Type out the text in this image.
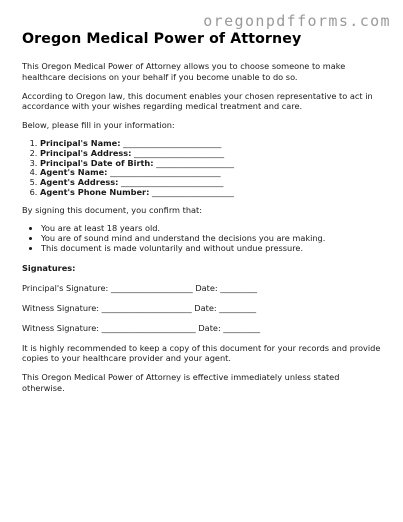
oregonpdfforms.com
Oregon Medical Power of Attorney

This Oregon Medical Power of Attorney allows you to choose someone to make healthcare decisions on your behalf if you become unable to do so.

According to Oregon law, this document enables your chosen representative to act in accordance with your wishes regarding medical treatment and care.

Below, please fill in your information:

1. Principal's Name: ________________________
2. Principal's Address: ______________________
3. Principal's Date of Birth: ___________________
4. Agent's Name: ___________________________
5. Agent's Address: _________________________
6. Agent's Phone Number: ____________________

By signing this document, you confirm that:

• You are at least 18 years old.
• You are of sound mind and understand the decisions you are making.
• This document is made voluntarily and without undue pressure.
Signatures:
Principal's Signature: ____________________ Date: _________
Witness Signature: ______________________ Date: _________
Witness Signature: _______________________ Date: _________

It is highly recommended to keep a copy of this document for your records and provide copies to your healthcare provider and your agent.

This Oregon Medical Power of Attorney is effective immediately unless stated otherwise.
